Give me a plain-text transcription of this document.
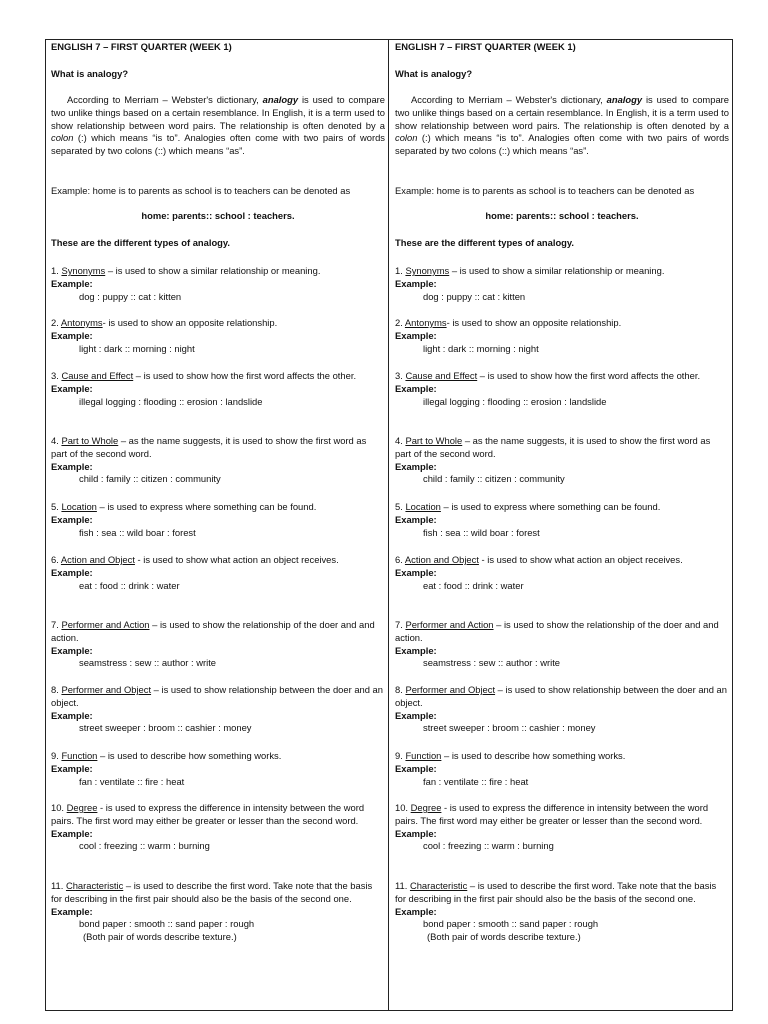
ENGLISH 7 – FIRST QUARTER (WEEK 1)
What is analogy?
According to Merriam – Webster's dictionary, analogy is used to compare two unlike things based on a certain resemblance. In English, it is a term used to show relationship between word pairs. The relationship is often denoted by a colon (:) which means “is to”. Analogies often come with two pairs of words separated by two colons (::) which means “as”.
Example: home is to parents as school is to teachers can be denoted as
home: parents:: school : teachers.
These are the different types of analogy.
1. Synonyms – is used to show a similar relationship or meaning.
Example:
dog : puppy :: cat : kitten
2. Antonyms- is used to show an opposite relationship.
Example:
light : dark :: morning : night
3. Cause and Effect – is used to show how the first word affects the other.
Example:
illegal logging : flooding :: erosion : landslide
4. Part to Whole – as the name suggests, it is used to show the first word as part of the second word.
Example:
child : family :: citizen : community
5. Location – is used to express where something can be found.
Example:
fish : sea :: wild boar : forest
6. Action and Object - is used to show what action an object receives.
Example:
eat : food :: drink : water
7. Performer and Action – is used to show the relationship of the doer and and action.
Example:
seamstress : sew :: author : write
8. Performer and Object – is used to show relationship between the doer and an object.
Example:
street sweeper : broom :: cashier : money
9. Function – is used to describe how something works.
Example:
fan : ventilate :: fire : heat
10. Degree - is used to express the difference in intensity between the word pairs. The first word may either be greater or lesser than the second word.
Example:
cool : freezing :: warm : burning
11. Characteristic – is used to describe the first word. Take note that the basis for describing in the first pair should also be the basis of the second one.
Example:
bond paper : smooth :: sand paper : rough
(Both pair of words describe texture.)
ENGLISH 7 – FIRST QUARTER (WEEK 1)
What is analogy?
According to Merriam – Webster's dictionary, analogy is used to compare two unlike things based on a certain resemblance. In English, it is a term used to show relationship between word pairs. The relationship is often denoted by a colon (:) which means “is to”. Analogies often come with two pairs of words separated by two colons (::) which means “as”.
Example: home is to parents as school is to teachers can be denoted as
home: parents:: school : teachers.
These are the different types of analogy.
1. Synonyms – is used to show a similar relationship or meaning.
Example:
dog : puppy :: cat : kitten
2. Antonyms- is used to show an opposite relationship.
Example:
light : dark :: morning : night
3. Cause and Effect – is used to show how the first word affects the other.
Example:
illegal logging : flooding :: erosion : landslide
4. Part to Whole – as the name suggests, it is used to show the first word as part of the second word.
Example:
child : family :: citizen : community
5. Location – is used to express where something can be found.
Example:
fish : sea :: wild boar : forest
6. Action and Object - is used to show what action an object receives.
Example:
eat : food :: drink : water
7. Performer and Action – is used to show the relationship of the doer and and action.
Example:
seamstress : sew :: author : write
8. Performer and Object – is used to show relationship between the doer and an object.
Example:
street sweeper : broom :: cashier : money
9. Function – is used to describe how something works.
Example:
fan : ventilate :: fire : heat
10. Degree - is used to express the difference in intensity between the word pairs. The first word may either be greater or lesser than the second word.
Example:
cool : freezing :: warm : burning
11. Characteristic – is used to describe the first word. Take note that the basis for describing in the first pair should also be the basis of the second one.
Example:
bond paper : smooth :: sand paper : rough
(Both pair of words describe texture.)
